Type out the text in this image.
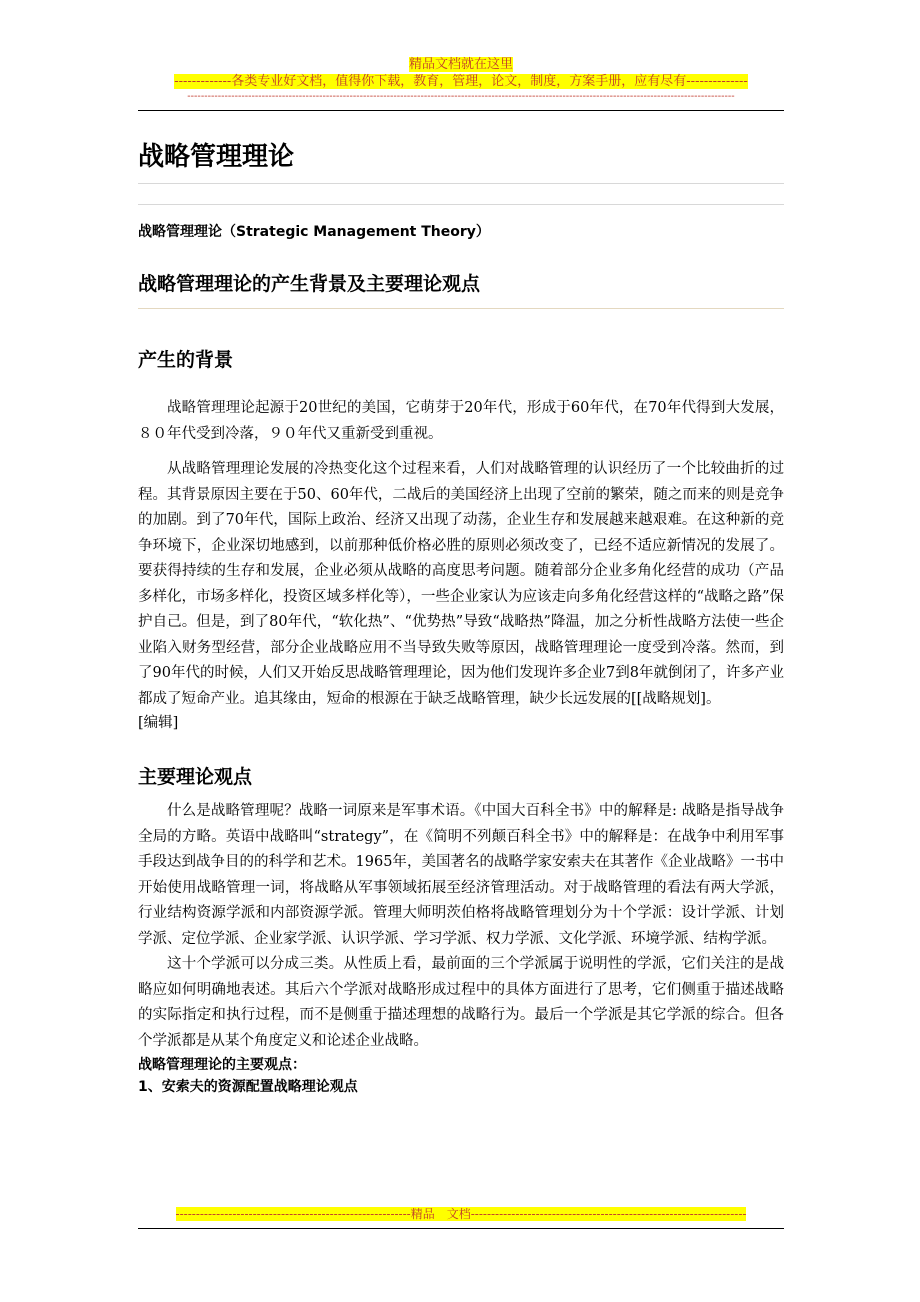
精品文档就在这里
-------------各类专业好文档，值得你下载，教育，管理，论文，制度，方案手册，应有尽有--------------
------------------------------------------------------------------------------------------------------------------------------------------------------------------
战略管理理论
战略管理理论（Strategic Management Theory）
战略管理理论的产生背景及主要理论观点
产生的背景

战略管理理论起源于20世纪的美国，它萌芽于20年代，形成于60年代，在70年代得到大发展，８０年代受到冷落，９０年代又重新受到重视。

从战略管理理论发展的冷热变化这个过程来看，人们对战略管理的认识经历了一个比较曲折的过程。其背景原因主要在于50、60年代，二战后的美国经济上出现了空前的繁荣，随之而来的则是竞争的加剧。到了70年代，国际上政治、经济又出现了动荡，企业生存和发展越来越艰难。在这种新的竞争环境下，企业深切地感到，以前那种低价格必胜的原则必须改变了，已经不适应新情况的发展了。要获得持续的生存和发展，企业必须从战略的高度思考问题。随着部分企业多角化经营的成功（产品多样化，市场多样化，投资区域多样化等），一些企业家认为应该走向多角化经营这样的“战略之路”保护自己。但是，到了80年代，“软化热”、“优势热”导致“战略热”降温，加之分析性战略方法使一些企业陷入财务型经营，部分企业战略应用不当导致失败等原因，战略管理理论一度受到冷落。然而，到了90年代的时候，人们又开始反思战略管理理论，因为他们发现许多企业7到8年就倒闭了，许多产业都成了短命产业。追其缘由，短命的根源在于缺乏战略管理，缺少长远发展的[[战略规划]。

[编辑]
主要理论观点

什么是战略管理呢？战略一词原来是军事术语。《中国大百科全书》中的解释是: 战略是指导战争全局的方略。英语中战略叫“strategy”，在《简明不列颠百科全书》中的解释是：在战争中利用军事手段达到战争目的的科学和艺术。1965年，美国著名的战略学家安索夫在其著作《企业战略》一书中开始使用战略管理一词，将战略从军事领域拓展至经济管理活动。对于战略管理的看法有两大学派，行业结构资源学派和内部资源学派。管理大师明茨伯格将战略管理划分为十个学派：设计学派、计划学派、定位学派、企业家学派、认识学派、学习学派、权力学派、文化学派、环境学派、结构学派。

这十个学派可以分成三类。从性质上看，最前面的三个学派属于说明性的学派，它们关注的是战略应如何明确地表述。其后六个学派对战略形成过程中的具体方面进行了思考，它们侧重于描述战略的实际指定和执行过程，而不是侧重于描述理想的战略行为。最后一个学派是其它学派的综合。但各个学派都是从某个角度定义和论述企业战略。

战略管理理论的主要观点：
1、安索夫的资源配置战略理论观点
----------------------------------------------------------精品　文档--------------------------------------------------------------------
